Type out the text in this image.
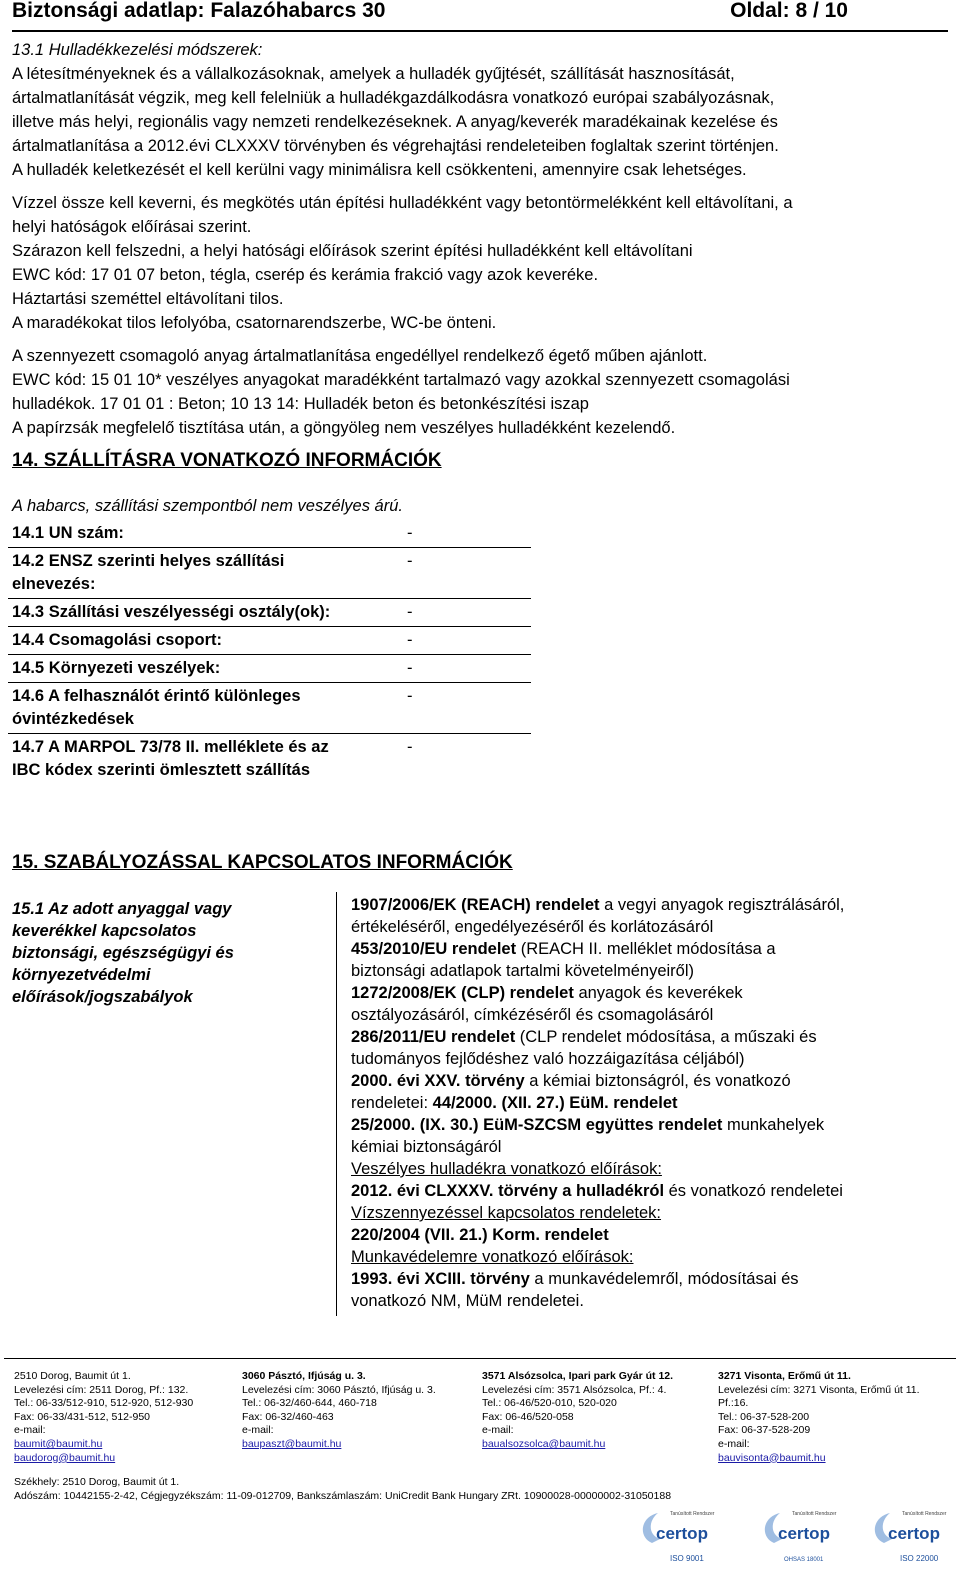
Biztonsági adatlap: Falazóhabarcs 30	Oldal: 8 / 10
13.1 Hulladékkezelési módszerek:
A létesítményeknek és a vállalkozásoknak, amelyek a hulladék gyűjtését, szállítását hasznosítását,
ártalmatlanítását végzik, meg kell felelniük a hulladékgazdálkodásra vonatkozó európai szabályozásnak,
illetve más helyi, regionális vagy nemzeti rendelkezéseknek. A anyag/keverék maradékainak kezelése és
ártalmatlanítása a 2012.évi CLXXXV törvényben és végrehajtási rendeleteiben foglaltak szerint történjen.
A hulladék keletkezését el kell kerülni vagy minimálisra kell csökkenteni, amennyire csak lehetséges.
Vízzel össze kell keverni, és megkötés után építési hulladékként vagy betontörmelékként kell eltávolítani, a
helyi hatóságok előírásai szerint.
Szárazon kell felszedni, a helyi hatósági előírások szerint építési hulladékként kell eltávolítani
EWC kód: 17 01 07 beton, tégla, cserép és kerámia frakció vagy azok keveréke.
Háztartási szeméttel eltávolítani tilos.
A maradékokat tilos lefolyóba, csatornarendszerbe, WC-be önteni.
A szennyezett csomagoló anyag ártalmatlanítása engedéllyel rendelkező égető műben ajánlott.
EWC kód: 15 01 10* veszélyes anyagokat maradékként tartalmazó vagy azokkal szennyezett csomagolási
hulladékok. 17 01 01 : Beton; 10 13 14: Hulladék beton és betonkészítési iszap
A papírzsák megfelelő tisztítása után, a göngyöleg nem veszélyes hulladékként kezelendő.
14. SZÁLLÍTÁSRA VONATKOZÓ INFORMÁCIÓK
A habarcs, szállítási szempontból nem veszélyes árú.
14.1 UN szám:	-

14.2 ENSZ szerinti helyes szállítási
elnevezés:	-

14.3 Szállítási veszélyességi osztály(ok):	-

14.4 Csomagolási csoport:	-

14.5 Környezeti veszélyek:	-

14.6 A felhasználót érintő különleges
óvintézkedések	-

14.7 A MARPOL 73/78 II. melléklete és az
IBC kódex szerinti ömlesztett szállítás	-
15. SZABÁLYOZÁSSAL KAPCSOLATOS INFORMÁCIÓK
15.1 Az adott anyaggal vagy
keverékkel kapcsolatos
biztonsági, egészségügyi és
környezetvédelmi
előírások/jogszabályok

1907/2006/EK (REACH) rendelet a vegyi anyagok regisztrálásáról,
értékeléséről, engedélyezéséről és korlátozásáról
453/2010/EU rendelet (REACH II. melléklet módosítása a
biztonsági adatlapok tartalmi követelményeiről)
1272/2008/EK (CLP) rendelet anyagok és keverékek
osztályozásáról, címkézéséről és csomagolásáról
286/2011/EU rendelet (CLP rendelet módosítása, a műszaki és
tudományos fejlődéshez való hozzáigazítása céljából)
2000. évi XXV. törvény a kémiai biztonságról, és vonatkozó
rendeletei: 44/2000. (XII. 27.) EüM. rendelet
25/2000. (IX. 30.) EüM-SZCSM együttes rendelet munkahelyek
kémiai biztonságáról
Veszélyes hulladékra vonatkozó előírások:
2012. évi CLXXXV. törvény a hulladékról és vonatkozó rendeletei
Vízszennyezéssel kapcsolatos rendeletek:
220/2004 (VII. 21.) Korm. rendelet
Munkavédelemre vonatkozó előírások:
1993. évi XCIII. törvény a munkavédelemről, módosításai és
vonatkozó NM, MüM rendeletei.
2510 Dorog, Baumit út 1.
Levelezési cím: 2511 Dorog, Pf.: 132.
Tel.: 06-33/512-910, 512-920, 512-930
Fax: 06-33/431-512, 512-950
e-mail:
baumit@baumit.hu
baudorog@baumit.hu
3060 Pásztó, Ifjúság u. 3.
Levelezési cím: 3060 Pásztó, Ifjúság u. 3.
Tel.: 06-32/460-644, 460-718
Fax: 06-32/460-463
e-mail:
baupaszt@baumit.hu
3571 Alsózsolca, Ipari park Gyár út 12.
Levelezési cím: 3571 Alsózsolca, Pf.: 4.
Tel.: 06-46/520-010, 520-020
Fax: 06-46/520-058
e-mail:
baualsozsolca@baumit.hu
3271 Visonta, Erőmű út 11.
Levelezési cím: 3271 Visonta, Erőmű út 11.
Pf.:16.
Tel.: 06-37-528-200
Fax: 06-37-528-209
e-mail:
bauvisonta@baumit.hu
Székhely: 2510 Dorog, Baumit út 1.
Adószám: 10442155-2-42, Cégjegyzékszám: 11-09-012709, Bankszámlaszám: UniCredit Bank Hungary ZRt. 10900028-00000002-31050188
Tanúsított Rendszer
certop
ISO 9001
Tanúsított Rendszer
certop
OHSAS 18001
Tanúsított Rendszer
certop
ISO 22000
